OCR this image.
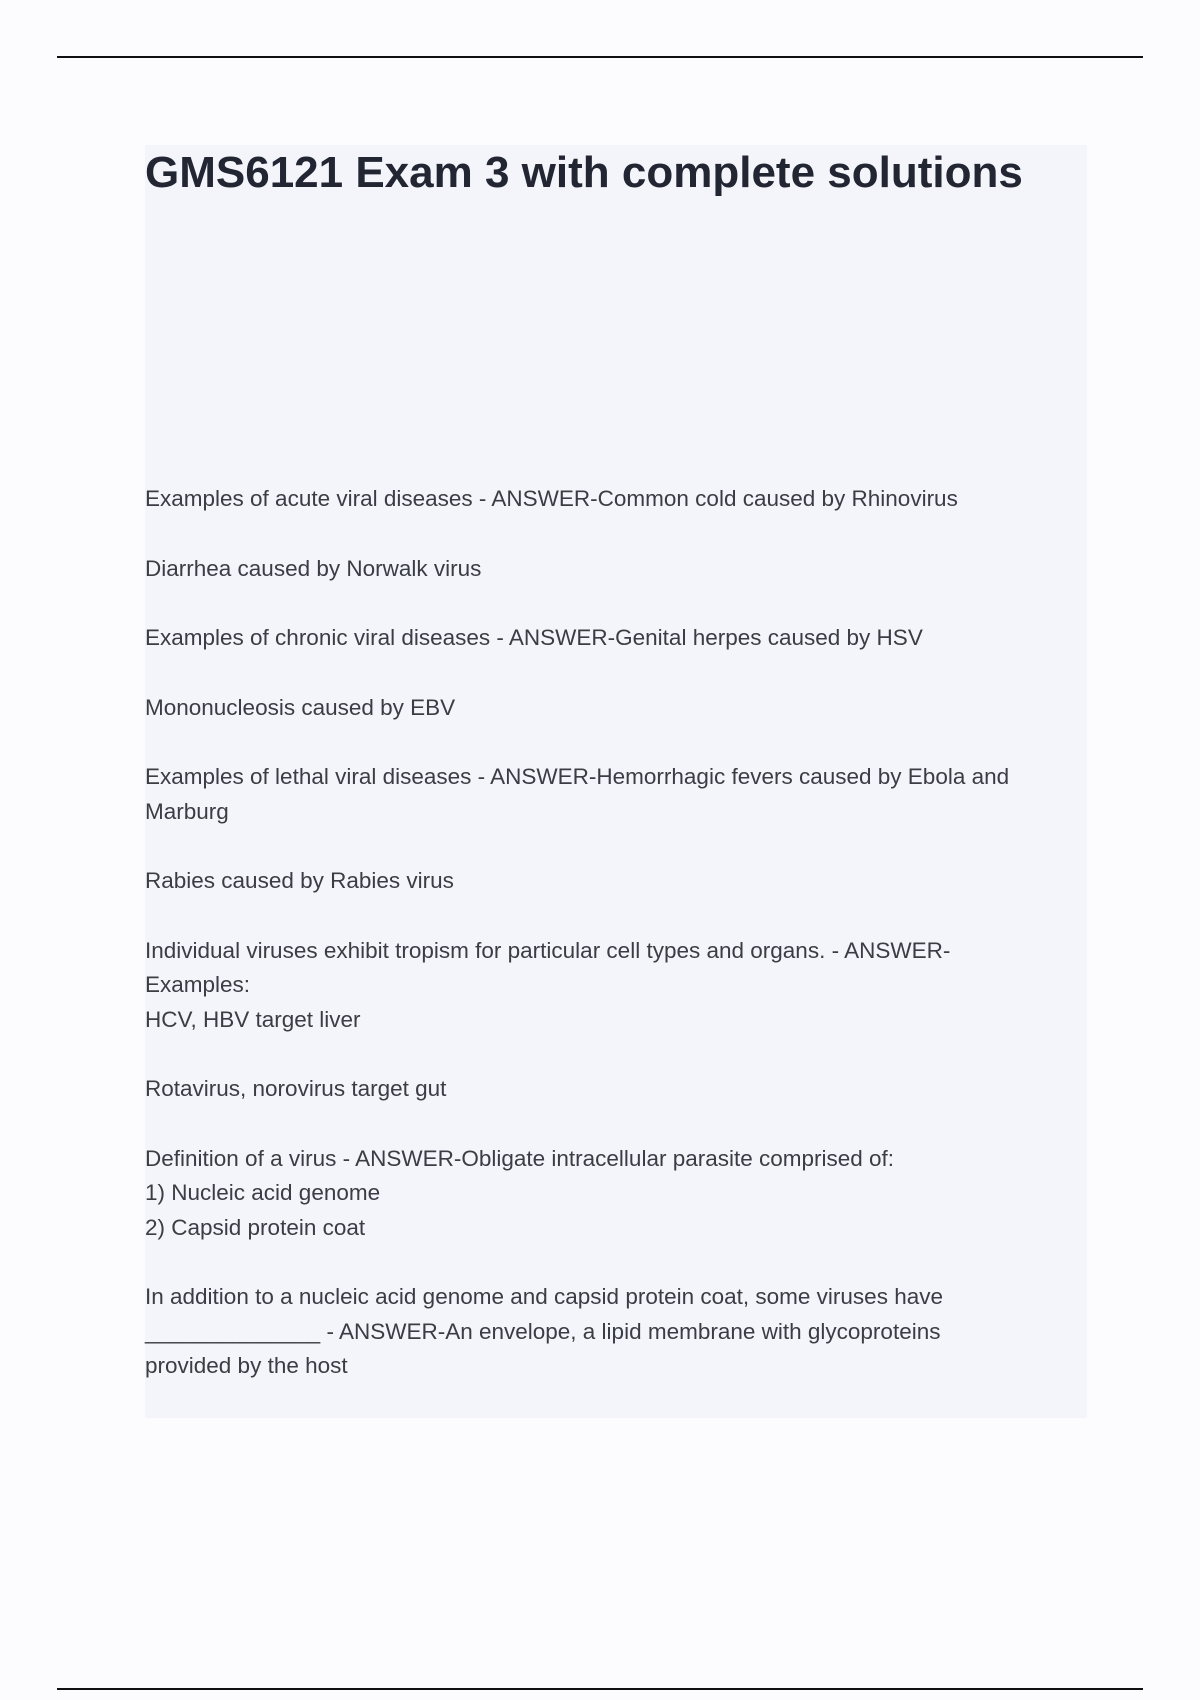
GMS6121 Exam 3 with complete solutions

Examples of acute viral diseases - ANSWER-Common cold caused by Rhinovirus

Diarrhea caused by Norwalk virus

Examples of chronic viral diseases - ANSWER-Genital herpes caused by HSV

Mononucleosis caused by EBV

Examples of lethal viral diseases - ANSWER-Hemorrhagic fevers caused by Ebola and
Marburg

Rabies caused by Rabies virus

Individual viruses exhibit tropism for particular cell types and organs. - ANSWER-
Examples:
HCV, HBV target liver

Rotavirus, norovirus target gut

Definition of a virus - ANSWER-Obligate intracellular parasite comprised of:
1) Nucleic acid genome
2) Capsid protein coat

In addition to a nucleic acid genome and capsid protein coat, some viruses have
______________ - ANSWER-An envelope, a lipid membrane with glycoproteins
provided by the host
